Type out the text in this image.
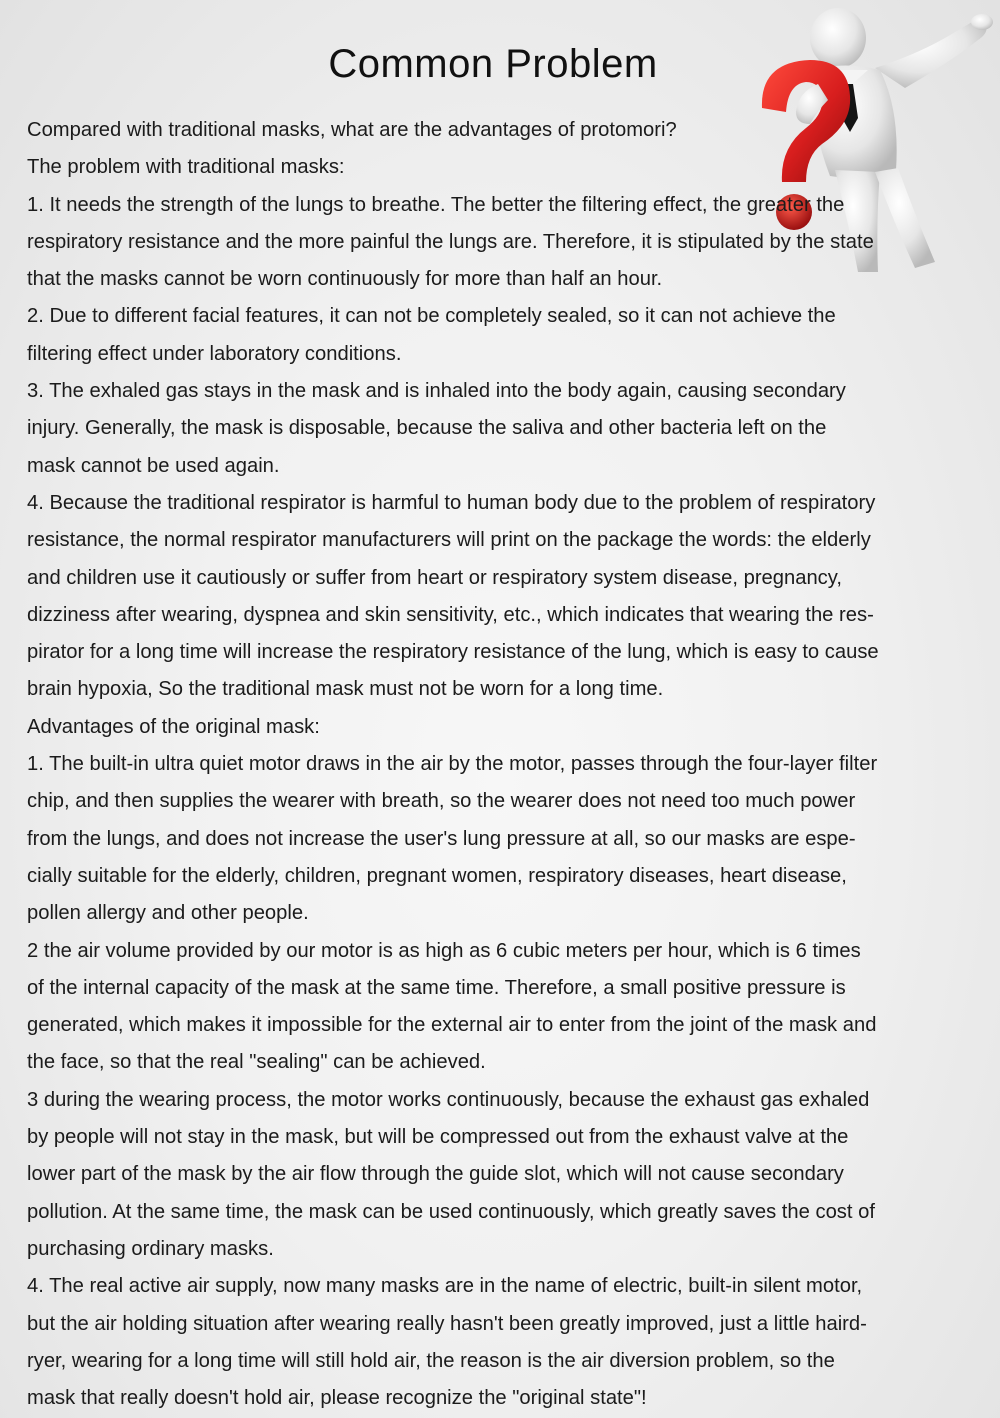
Common Problem
Compared with traditional masks, what are the advantages of protomori?
The problem with traditional masks:
1. It needs the strength of the lungs to breathe. The better the filtering effect, the greater the
respiratory resistance and the more painful the lungs are. Therefore, it is stipulated by the state
that the masks cannot be worn continuously for more than half an hour.
2. Due to different facial features, it can not be completely sealed, so it can not achieve the
filtering effect under laboratory conditions.
3. The exhaled gas stays in the mask and is inhaled into the body again, causing secondary
injury. Generally, the mask is disposable, because the saliva and other bacteria left on the
mask cannot be used again.
4. Because the traditional respirator is harmful to human body due to the problem of respiratory
resistance, the normal respirator manufacturers will print on the package the words: the elderly
and children use it cautiously or suffer from heart or respiratory system disease, pregnancy,
dizziness after wearing, dyspnea and skin sensitivity, etc., which indicates that wearing the res-
pirator for a long time will increase the respiratory resistance of the lung, which is easy to cause
brain hypoxia, So the traditional mask must not be worn for a long time.
Advantages of the original mask:
1. The built-in ultra quiet motor draws in the air by the motor, passes through the four-layer filter
chip, and then supplies the wearer with breath, so the wearer does not need too much power
from the lungs, and does not increase the user's lung pressure at all, so our masks are espe-
cially suitable for the elderly, children, pregnant women, respiratory diseases, heart disease,
pollen allergy and other people.
2 the air volume provided by our motor is as high as 6 cubic meters per hour, which is 6 times
of the internal capacity of the mask at the same time. Therefore, a small positive pressure is
generated, which makes it impossible for the external air to enter from the joint of the mask and
the face, so that the real "sealing" can be achieved.
3 during the wearing process, the motor works continuously, because the exhaust gas exhaled
by people will not stay in the mask, but will be compressed out from the exhaust valve at the
lower part of the mask by the air flow through the guide slot, which will not cause secondary
pollution. At the same time, the mask can be used continuously, which greatly saves the cost of
purchasing ordinary masks.
4. The real active air supply, now many masks are in the name of electric, built-in silent motor,
but the air holding situation after wearing really hasn't been greatly improved, just a little haird-
ryer, wearing for a long time will still hold air, the reason is the air diversion problem, so the
mask that really doesn't hold air, please recognize the "original state"!
